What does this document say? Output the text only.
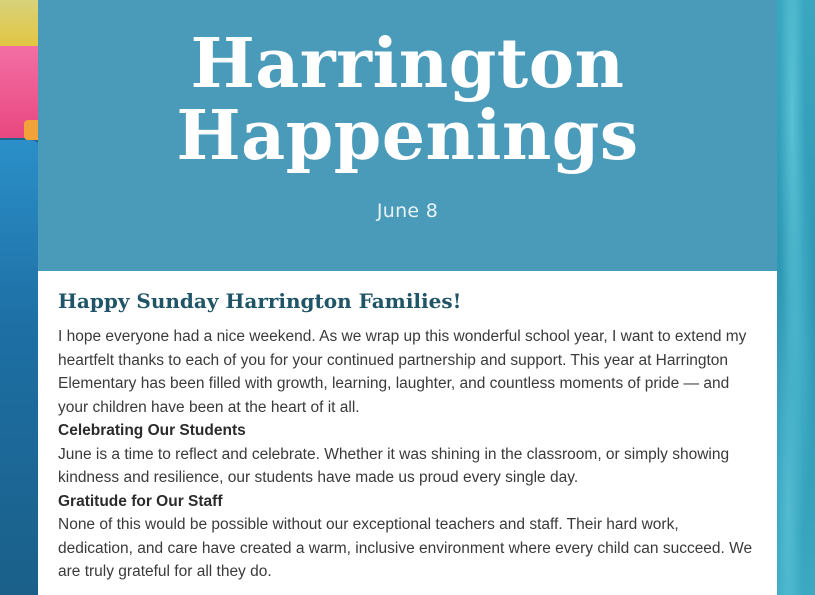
Harrington
Happenings
June 8
Happy Sunday Harrington Families!

I hope everyone had a nice weekend. As we wrap up this wonderful school year, I want to extend my heartfelt thanks to each of you for your continued partnership and support. This year at Harrington Elementary has been filled with growth, learning, laughter, and countless moments of pride — and your children have been at the heart of it all.

Celebrating Our Students

June is a time to reflect and celebrate. Whether it was shining in the classroom, or simply showing kindness and resilience, our students have made us proud every single day.

Gratitude for Our Staff

None of this would be possible without our exceptional teachers and staff. Their hard work, dedication, and care have created a warm, inclusive environment where every child can succeed. We are truly grateful for all they do.
